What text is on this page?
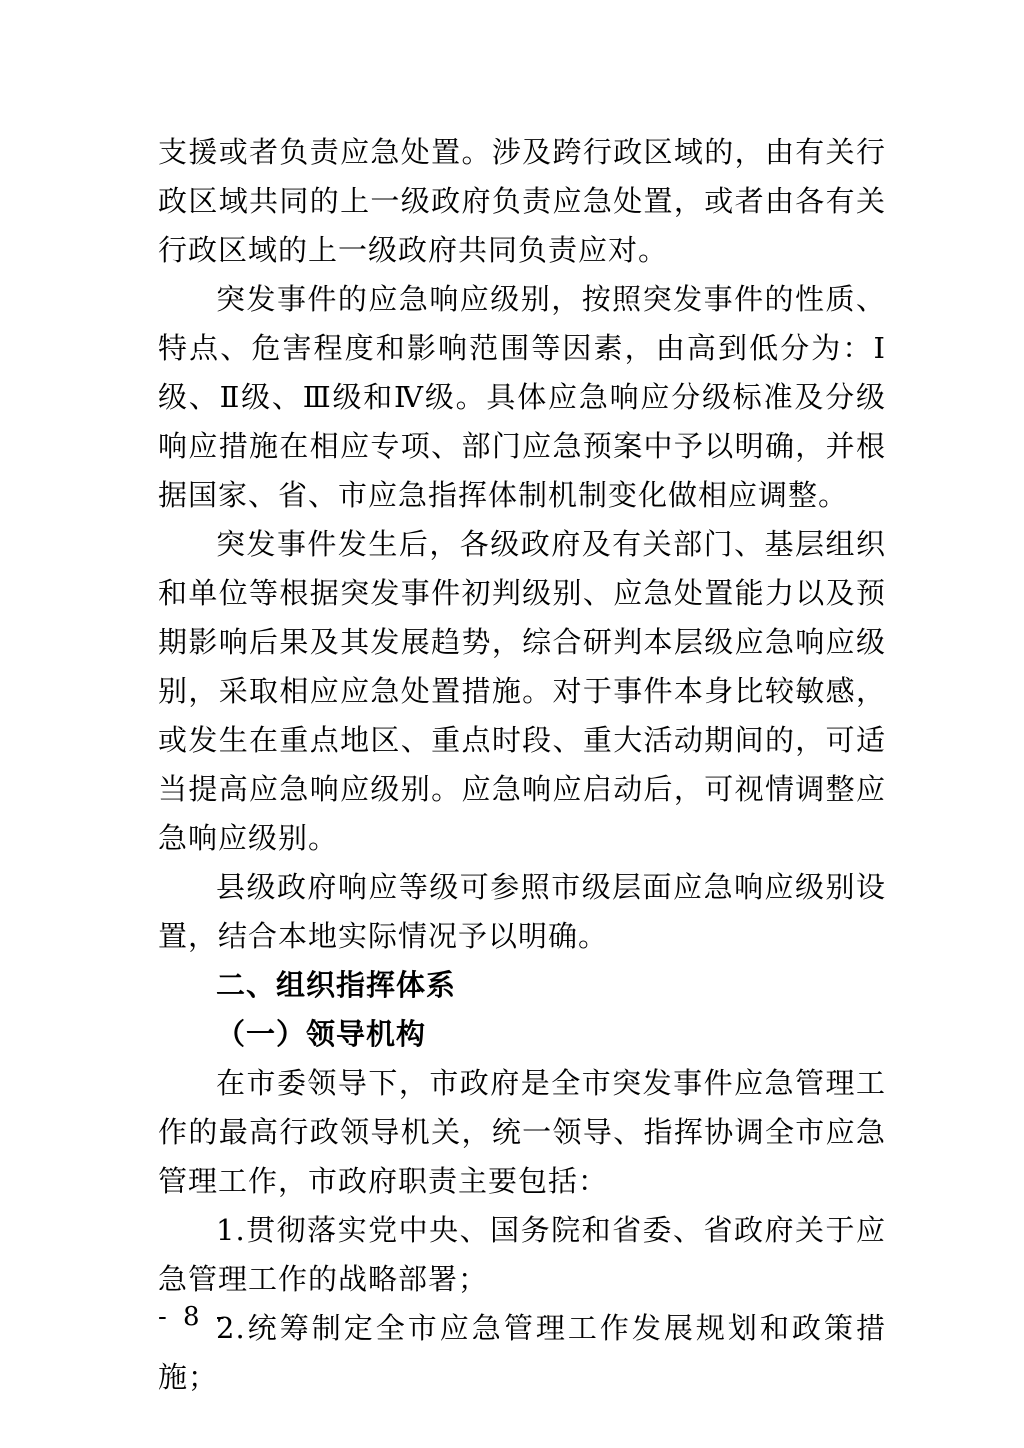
支援或者负责应急处置。涉及跨行政区域的，由有关行政区域共同的上一级政府负责应急处置，或者由各有关行政区域的上一级政府共同负责应对。

突发事件的应急响应级别，按照突发事件的性质、特点、危害程度和影响范围等因素，由高到低分为：Ⅰ级、Ⅱ级、Ⅲ级和Ⅳ级。具体应急响应分级标准及分级响应措施在相应专项、部门应急预案中予以明确，并根据国家、省、市应急指挥体制机制变化做相应调整。

突发事件发生后，各级政府及有关部门、基层组织和单位等根据突发事件初判级别、应急处置能力以及预期影响后果及其发展趋势，综合研判本层级应急响应级别，采取相应应急处置措施。对于事件本身比较敏感，或发生在重点地区、重点时段、重大活动期间的，可适当提高应急响应级别。应急响应启动后，可视情调整应急响应级别。

县级政府响应等级可参照市级层面应急响应级别设置，结合本地实际情况予以明确。

二、组织指挥体系

（一）领导机构

在市委领导下，市政府是全市突发事件应急管理工作的最高行政领导机关，统一领导、指挥协调全市应急管理工作，市政府职责主要包括：

1.贯彻落实党中央、国务院和省委、省政府关于应急管理工作的战略部署；

2.统筹制定全市应急管理工作发展规划和政策措施；

- 8 -
